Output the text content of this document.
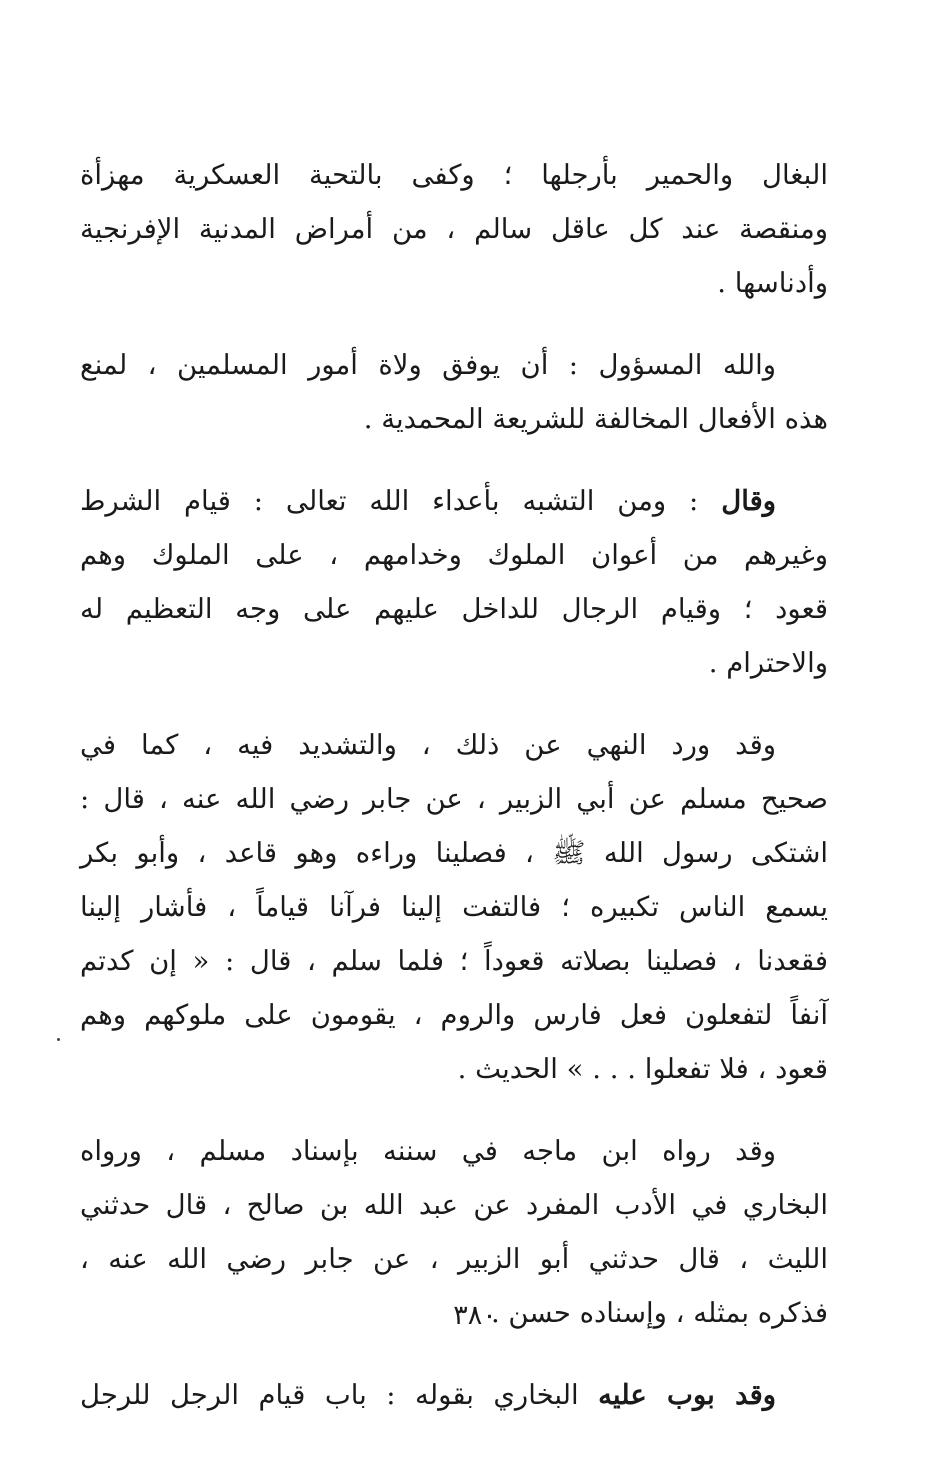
البغال والحمير بأرجلها ؛ وكفى بالتحية العسكرية مهزأة
ومنقصة عند كل عاقل سالم ، من أمراض المدنية الإفرنجية
وأدناسها .

والله المسؤول : أن يوفق ولاة أمور المسلمين ، لمنع
هذه الأفعال المخالفة للشريعة المحمدية .

وقال : ومن التشبه بأعداء الله تعالى : قيام الشرط
وغيرهم من أعوان الملوك وخدامهم ، على الملوك وهم
قعود ؛ وقيام الرجال للداخل عليهم على وجه التعظيم له
والاحترام .

وقد ورد النهي عن ذلك ، والتشديد فيه ، كما في
صحيح مسلم عن أبي الزبير ، عن جابر رضي الله عنه ، قال :
اشتكى رسول الله ﷺ ، فصلينا وراءه وهو قاعد ، وأبو بكر
يسمع الناس تكبيره ؛ فالتفت إلينا فرآنا قياماً ، فأشار إلينا
فقعدنا ، فصلينا بصلاته قعوداً ؛ فلما سلم ، قال : « إن كدتم
آنفاً لتفعلون فعل فارس والروم ، يقومون على ملوكهم وهم
قعود ، فلا تفعلوا . . . » الحديث .

وقد رواه ابن ماجه في سننه بإسناد مسلم ، ورواه
البخاري في الأدب المفرد عن عبد الله بن صالح ، قال حدثني
الليث ، قال حدثني أبو الزبير ، عن جابر رضي الله عنه ،
فذكره بمثله ، وإسناده حسن .

وقد بوب عليه البخاري بقوله : باب قيام الرجل للرجل

٣٨٠
